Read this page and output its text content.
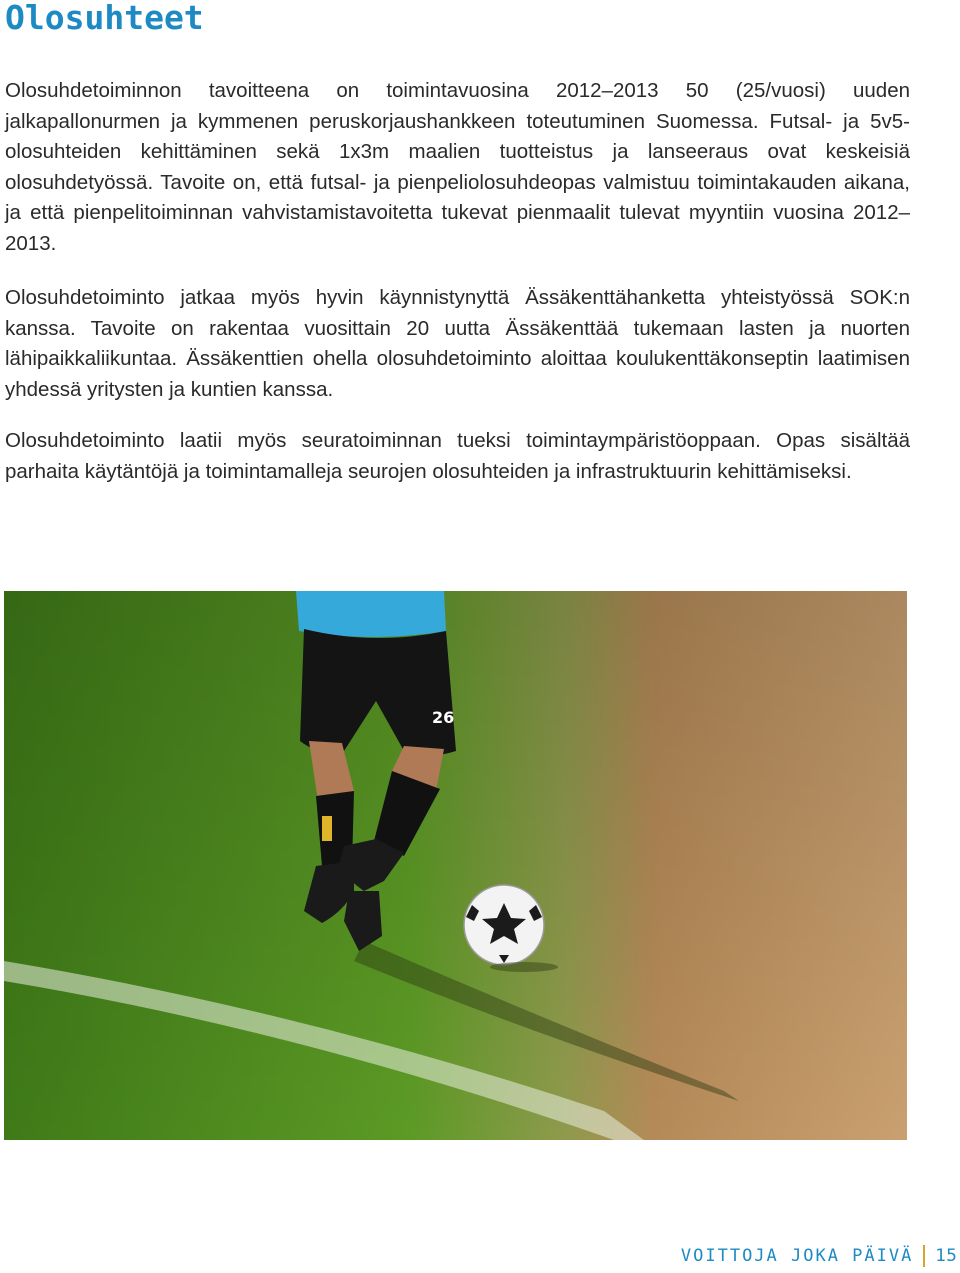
Olosuhteet

Olosuhdetoiminnon tavoitteena on toimintavuosina 2012–2013 50 (25/vuosi) uuden jalkapallonurmen ja kymmenen peruskorjaushankkeen toteutuminen Suomessa. Futsal- ja 5v5-olosuhteiden kehittäminen sekä 1x3m maalien tuotteistus ja lanseeraus ovat keskeisiä olosuhdetyössä. Tavoite on, että futsal- ja pienpeliolosuhdeopas valmistuu toimintakauden aikana, ja että pienpelitoiminnan vahvistamistavoitetta tukevat pienmaalit tulevat myyntiin vuosina 2012–2013.

Olosuhdetoiminto jatkaa myös hyvin käynnistynyttä Ässäkenttähanketta yhteistyössä SOK:n kanssa. Tavoite on rakentaa vuosittain 20 uutta Ässäkenttää tukemaan lasten ja nuorten lähipaikkaliikuntaa. Ässäkenttien ohella olosuhdetoiminto aloittaa koulukenttäkonseptin laatimisen yhdessä yritysten ja kuntien kanssa.

Olosuhdetoiminto laatii myös seuratoiminnan tueksi toimintaympäristöoppaan. Opas sisältää parhaita käytäntöjä ja toimintamalleja seurojen olosuhteiden ja infrastruktuurin kehittämiseksi.

26
VOITTOJA JOKA PÄIVÄ 15
